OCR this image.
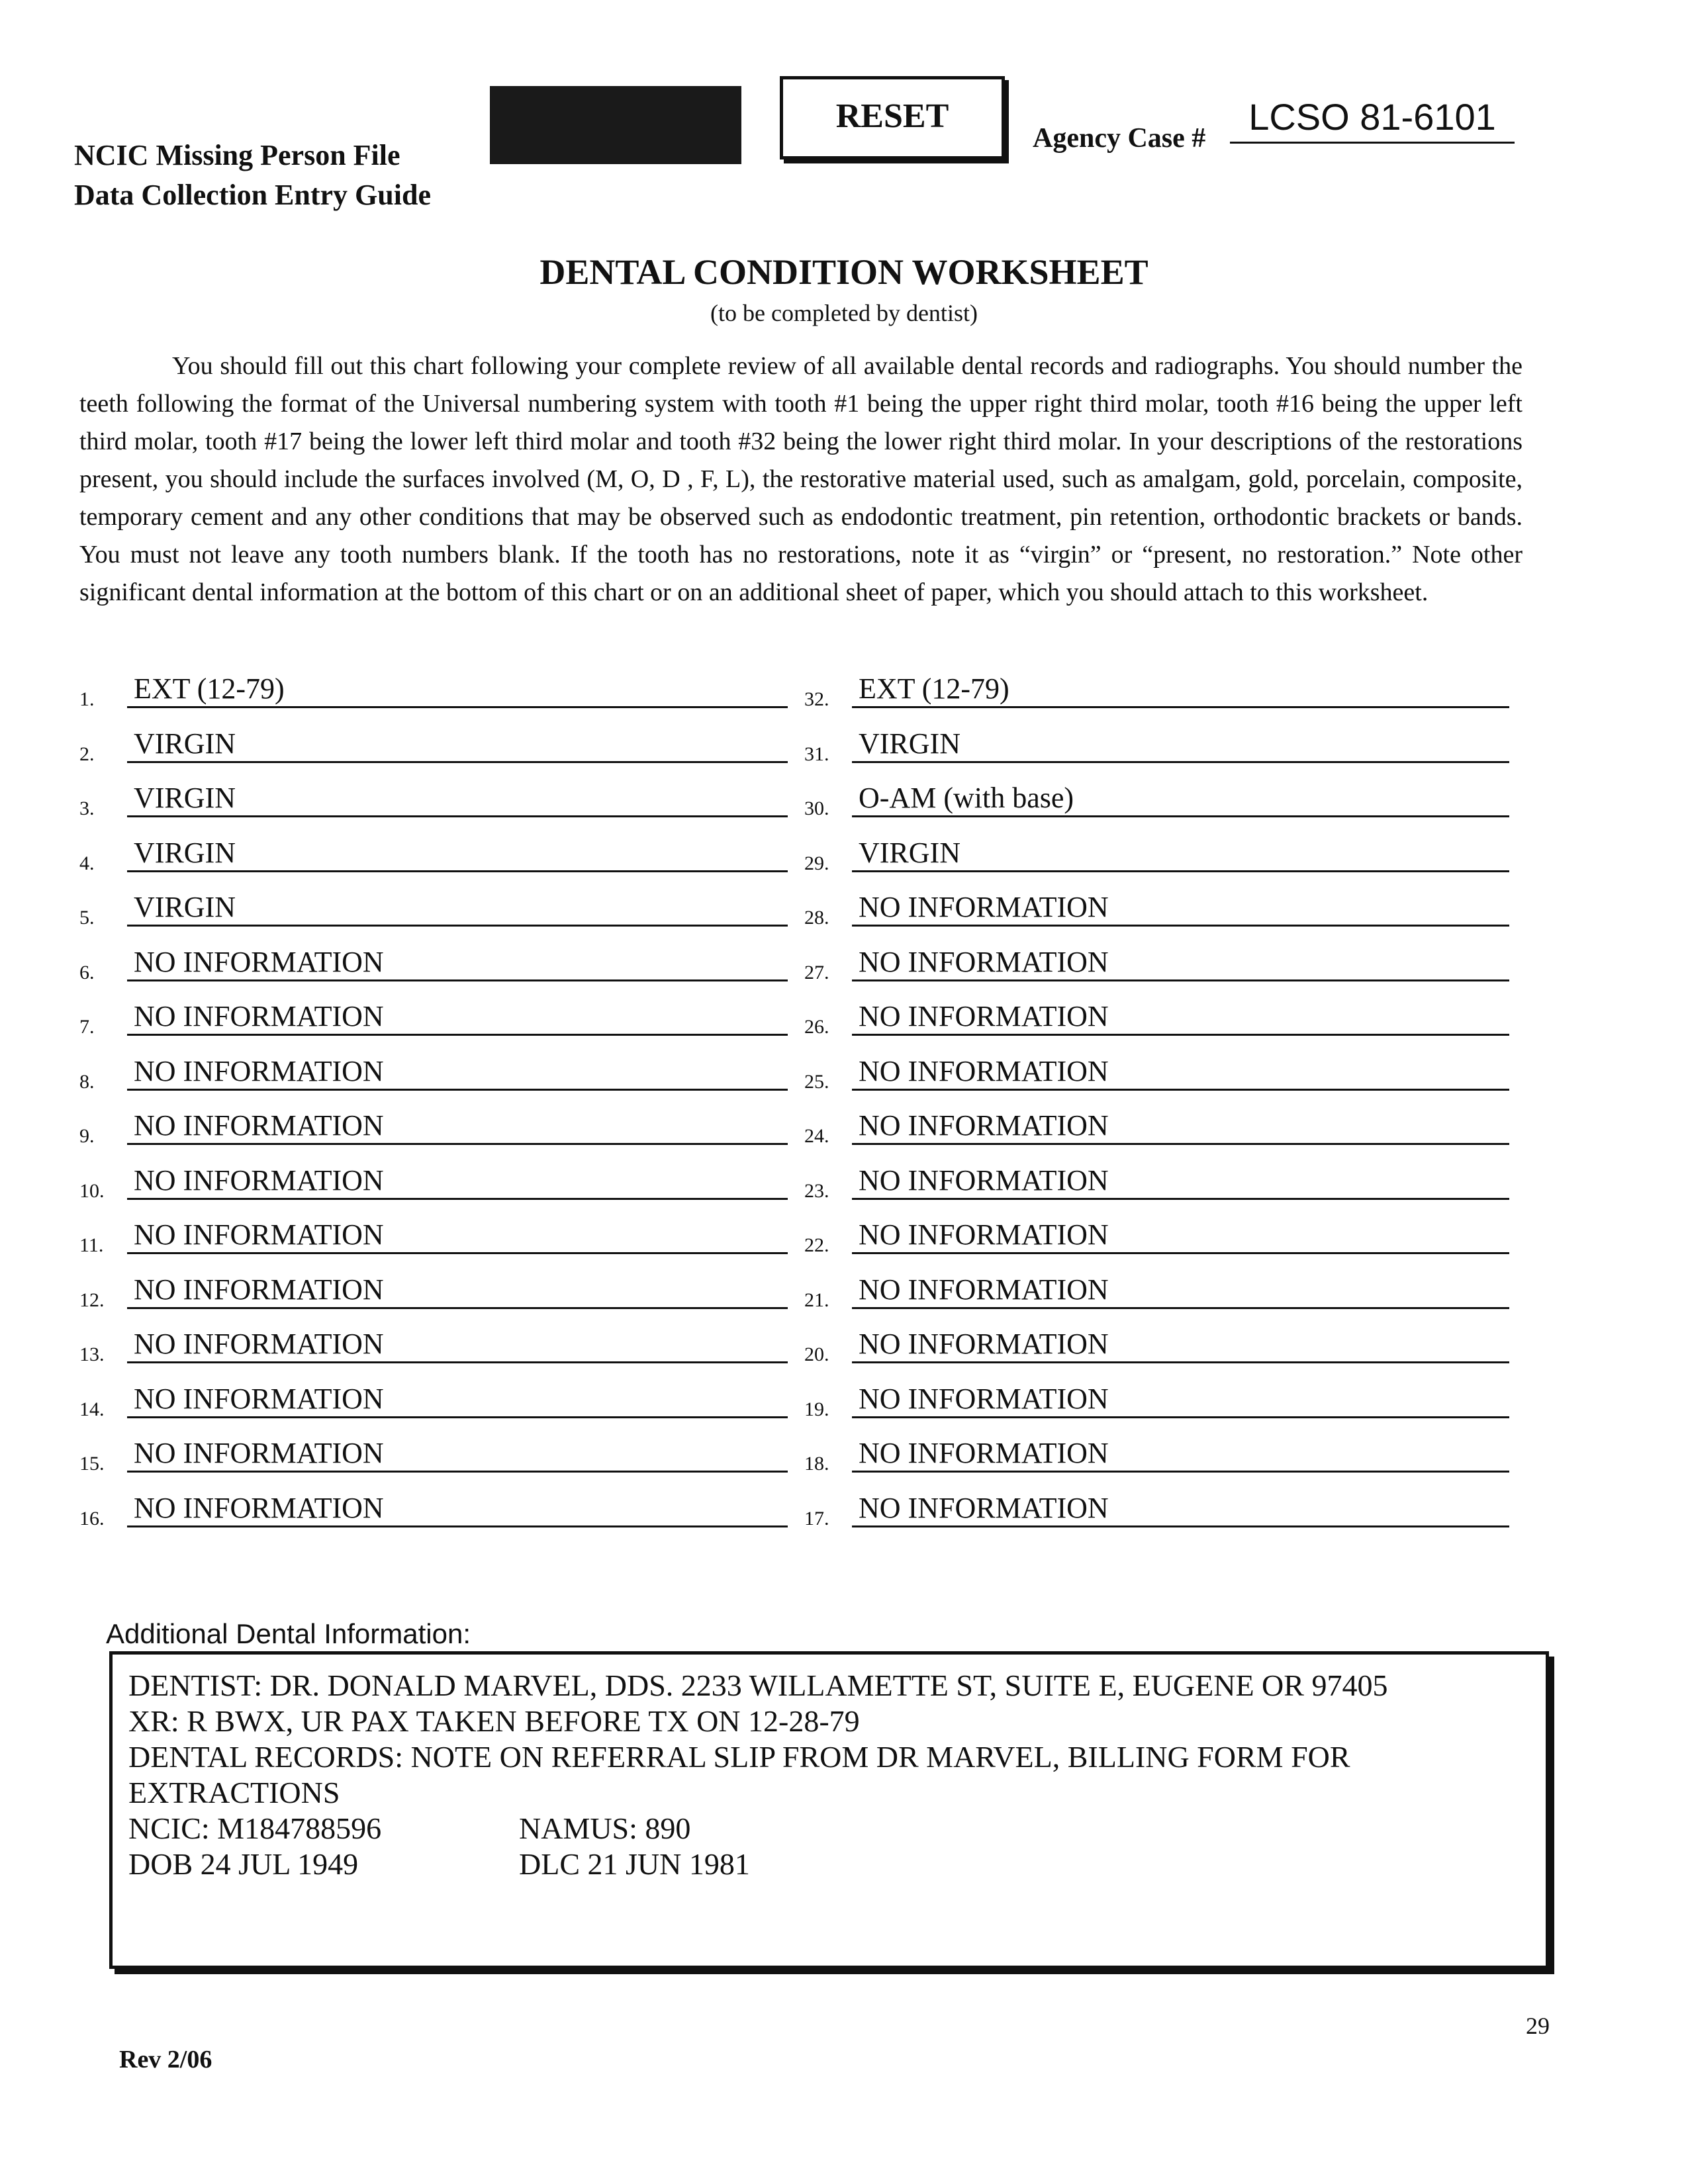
NCIC Missing Person File
Data Collection Entry Guide
RESET
Agency Case #
LCSO 81-6101
DENTAL CONDITION WORKSHEET
(to be completed by dentist)

You should fill out this chart following your complete review of all available dental records and radiographs. You should number the teeth following the format of the Universal numbering system with tooth #1 being the upper right third molar, tooth #16 being the upper left third molar, tooth #17 being the lower left third molar and tooth #32 being the lower right third molar. In your descriptions of the restorations present, you should include the surfaces involved (M, O, D , F, L), the restorative material used, such as amalgam, gold, porcelain, composite, temporary cement and any other conditions that may be observed such as endodontic treatment, pin retention, orthodontic brackets or bands. You must not leave any tooth numbers blank. If the tooth has no restorations, note it as “virgin” or “present, no restoration.” Note other significant dental information at the bottom of this chart or on an additional sheet of paper, which you should attach to this worksheet.

1. EXT (12-79)
2. VIRGIN
3. VIRGIN
4. VIRGIN
5. VIRGIN
6. NO INFORMATION
7. NO INFORMATION
8. NO INFORMATION
9. NO INFORMATION
10. NO INFORMATION
11. NO INFORMATION
12. NO INFORMATION
13. NO INFORMATION
14. NO INFORMATION
15. NO INFORMATION
16. NO INFORMATION
32. EXT (12-79)
31. VIRGIN
30. O-AM (with base)
29. VIRGIN
28. NO INFORMATION
27. NO INFORMATION
26. NO INFORMATION
25. NO INFORMATION
24. NO INFORMATION
23. NO INFORMATION
22. NO INFORMATION
21. NO INFORMATION
20. NO INFORMATION
19. NO INFORMATION
18. NO INFORMATION
17. NO INFORMATION
Additional Dental Information:
DENTIST: DR. DONALD MARVEL, DDS. 2233 WILLAMETTE ST, SUITE E, EUGENE OR 97405
XR: R BWX, UR PAX TAKEN BEFORE TX ON 12-28-79
DENTAL RECORDS: NOTE ON REFERRAL SLIP FROM DR MARVEL, BILLING FORM FOR
EXTRACTIONS
NCIC: M184788596	NAMUS: 890
DOB 24 JUL 1949	DLC 21 JUN 1981
29
Rev 2/06
